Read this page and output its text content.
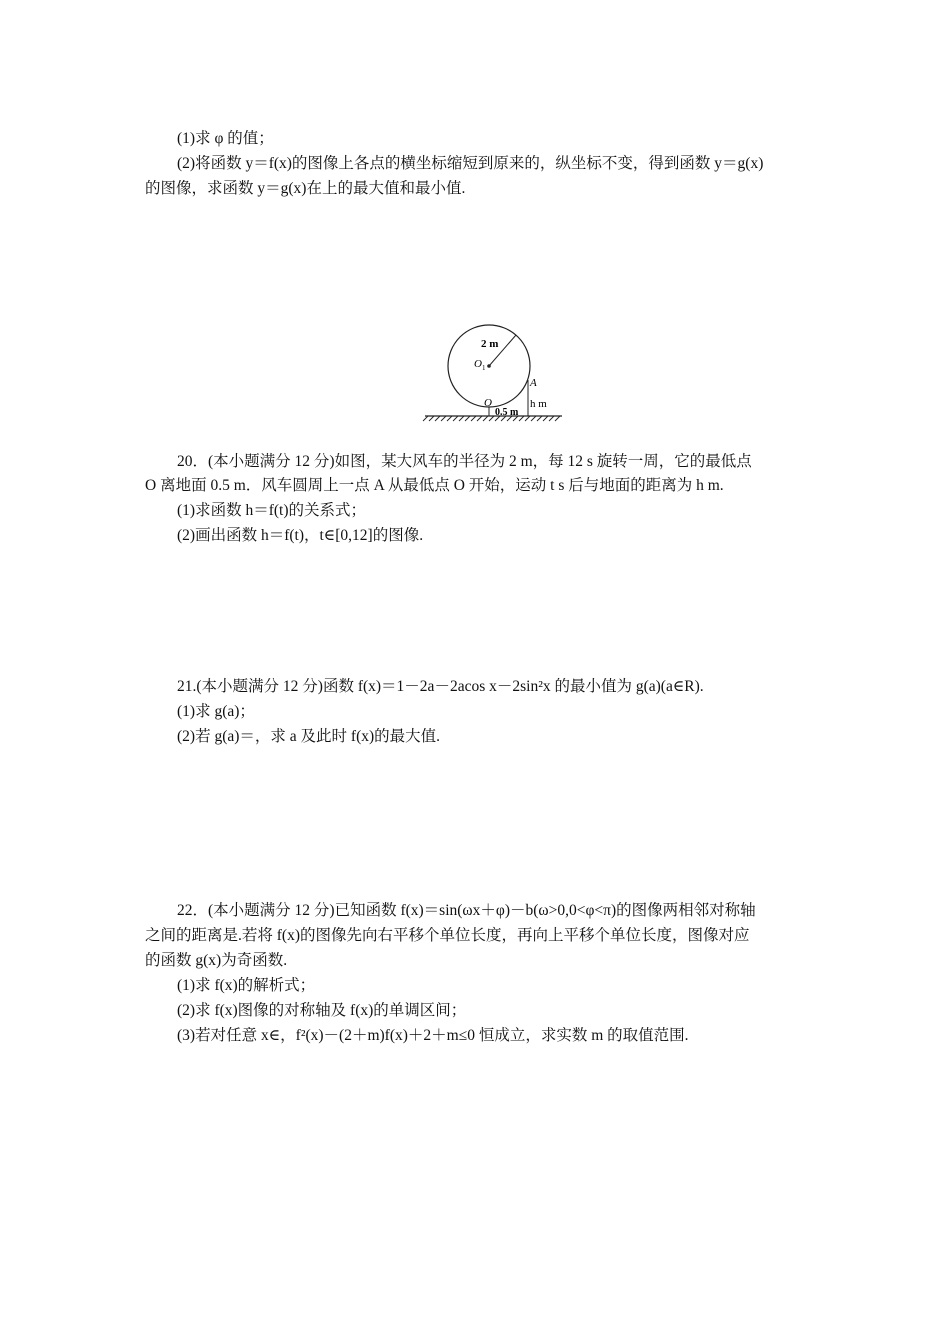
(1)求 φ 的值；
(2)将函数 y＝f(x)的图像上各点的横坐标缩短到原来的，纵坐标不变，得到函数 y＝g(x)
的图像，求函数 y＝g(x)在上的最大值和最小值.
2 m
O 1
A
h m
O
0.5 m
20．(本小题满分 12 分)如图，某大风车的半径为 2 m，每 12 s 旋转一周，它的最低点
O 离地面 0.5 m．风车圆周上一点 A 从最低点 O 开始，运动 t s 后与地面的距离为 h m.
(1)求函数 h＝f(t)的关系式；
(2)画出函数 h＝f(t)，t∈[0,12]的图像.
21.(本小题满分 12 分)函数 f(x)＝1－2a－2acos x－2sin²x 的最小值为 g(a)(a∈R).
(1)求 g(a)；
(2)若 g(a)＝，求 a 及此时 f(x)的最大值.
22．(本小题满分 12 分)已知函数 f(x)＝sin(ωx＋φ)－b(ω>0,0<φ<π)的图像两相邻对称轴
之间的距离是.若将 f(x)的图像先向右平移个单位长度，再向上平移个单位长度，图像对应
的函数 g(x)为奇函数.
(1)求 f(x)的解析式；
(2)求 f(x)图像的对称轴及 f(x)的单调区间；
(3)若对任意 x∈，f²(x)－(2＋m)f(x)＋2＋m≤0 恒成立，求实数 m 的取值范围.
